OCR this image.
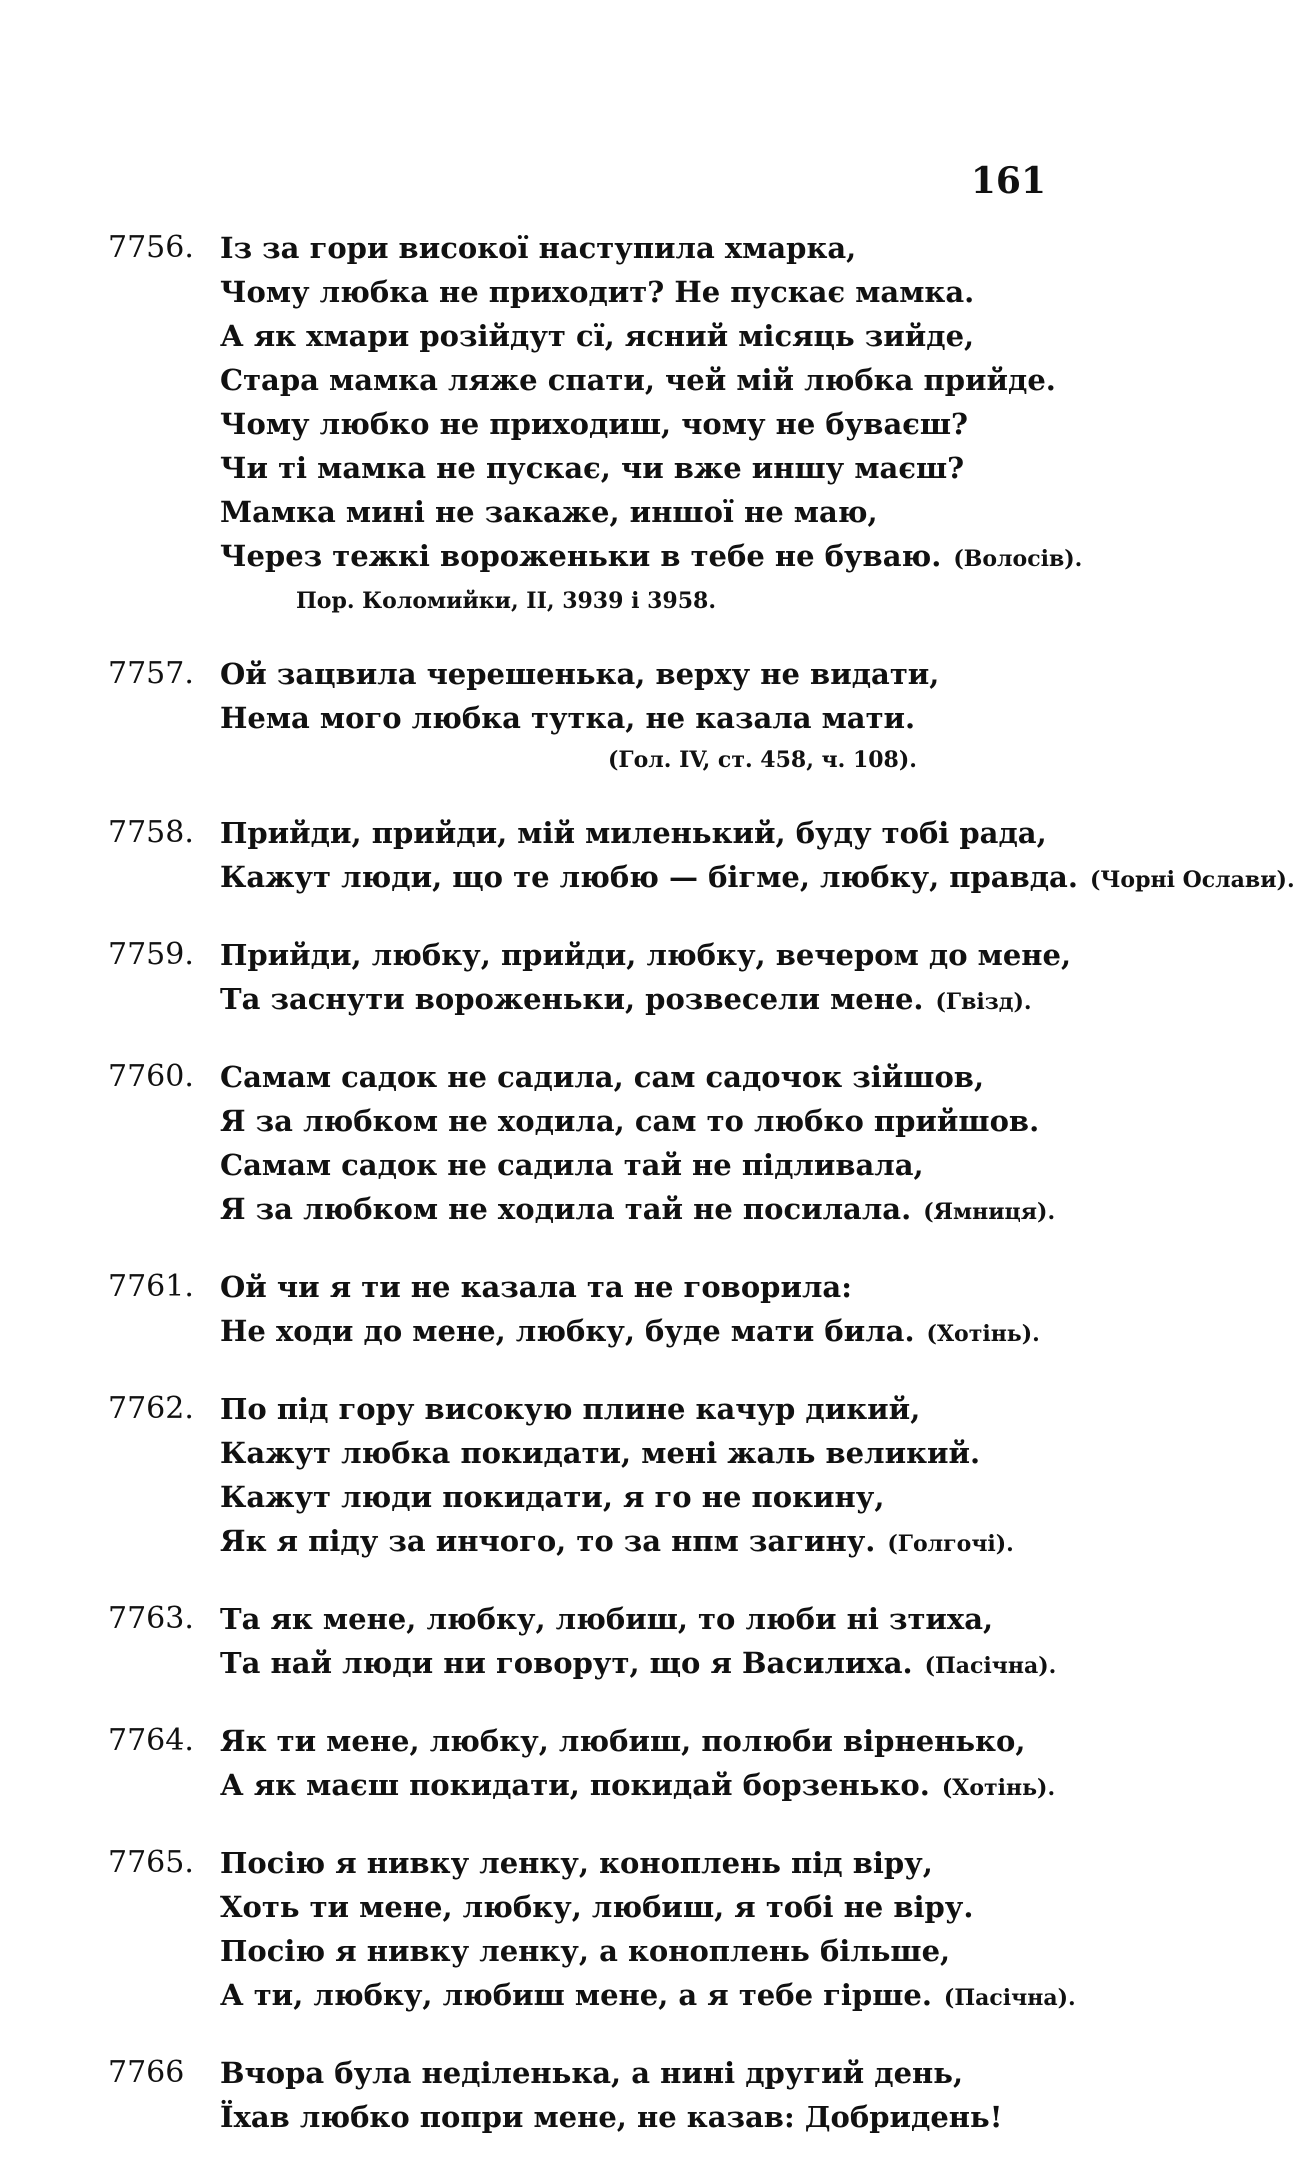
161
7756. Із за гори високої наступила хмарка,
Чому любка не приходит? Не пускає мамка.
А як хмари розійдут сї, ясний місяць зийде,
Стара мамка ляже спати, чей мій любка прийде.
Чому любко не приходиш, чому не буваєш?
Чи ті мамка не пускає, чи вже иншу маєш?
Мамка мині не закаже, иншої не маю,
Через тежкі вороженьки в тебе не буваю. (Волосів).
Пор. Коломийки, II, 3939 і 3958.
7757. Ой зацвила черешенька, верху не видати,
Нема мого любка тутка, не казала мати.
(Гол. IV, ст. 458, ч. 108).
7758. Прийди, прийди, мій миленький, буду тобі рада,
Кажут люди, що те любю — бігме, любку, правда. (Чорні Ослави).
7759. Прийди, любку, прийди, любку, вечером до мене,
Та заснути вороженьки, розвесели мене. (Гвізд).
7760. Самам садок не садила, сам садочок зійшов,
Я за любком не ходила, сам то любко прийшов.
Самам садок не садила тай не підливала,
Я за любком не ходила тай не посилала. (Ямниця).
7761. Ой чи я ти не казала та не говорила:
Не ходи до мене, любку, буде мати била. (Хотінь).
7762. По під гору високую плине качур дикий,
Кажут любка покидати, мені жаль великий.
Кажут люди покидати, я го не покину,
Як я піду за инчого, то за нпм загину. (Голгочі).
7763. Та як мене, любку, любиш, то люби ні зтиха,
Та най люди ни говорут, що я Василиха. (Пасічна).
7764. Як ти мене, любку, любиш, полюби вірненько,
А як маєш покидати, покидай борзенько. (Хотінь).
7765. Посію я нивку ленку, коноплень під віру,
Хоть ти мене, любку, любиш, я тобі не віру.
Посію я нивку ленку, а коноплень більше,
А ти, любку, любиш мене, а я тебе гірше. (Пасічна).
7766	Вчора була неділенька, а нині другий день,
Їхав любко попри мене, не казав: Добридень!
